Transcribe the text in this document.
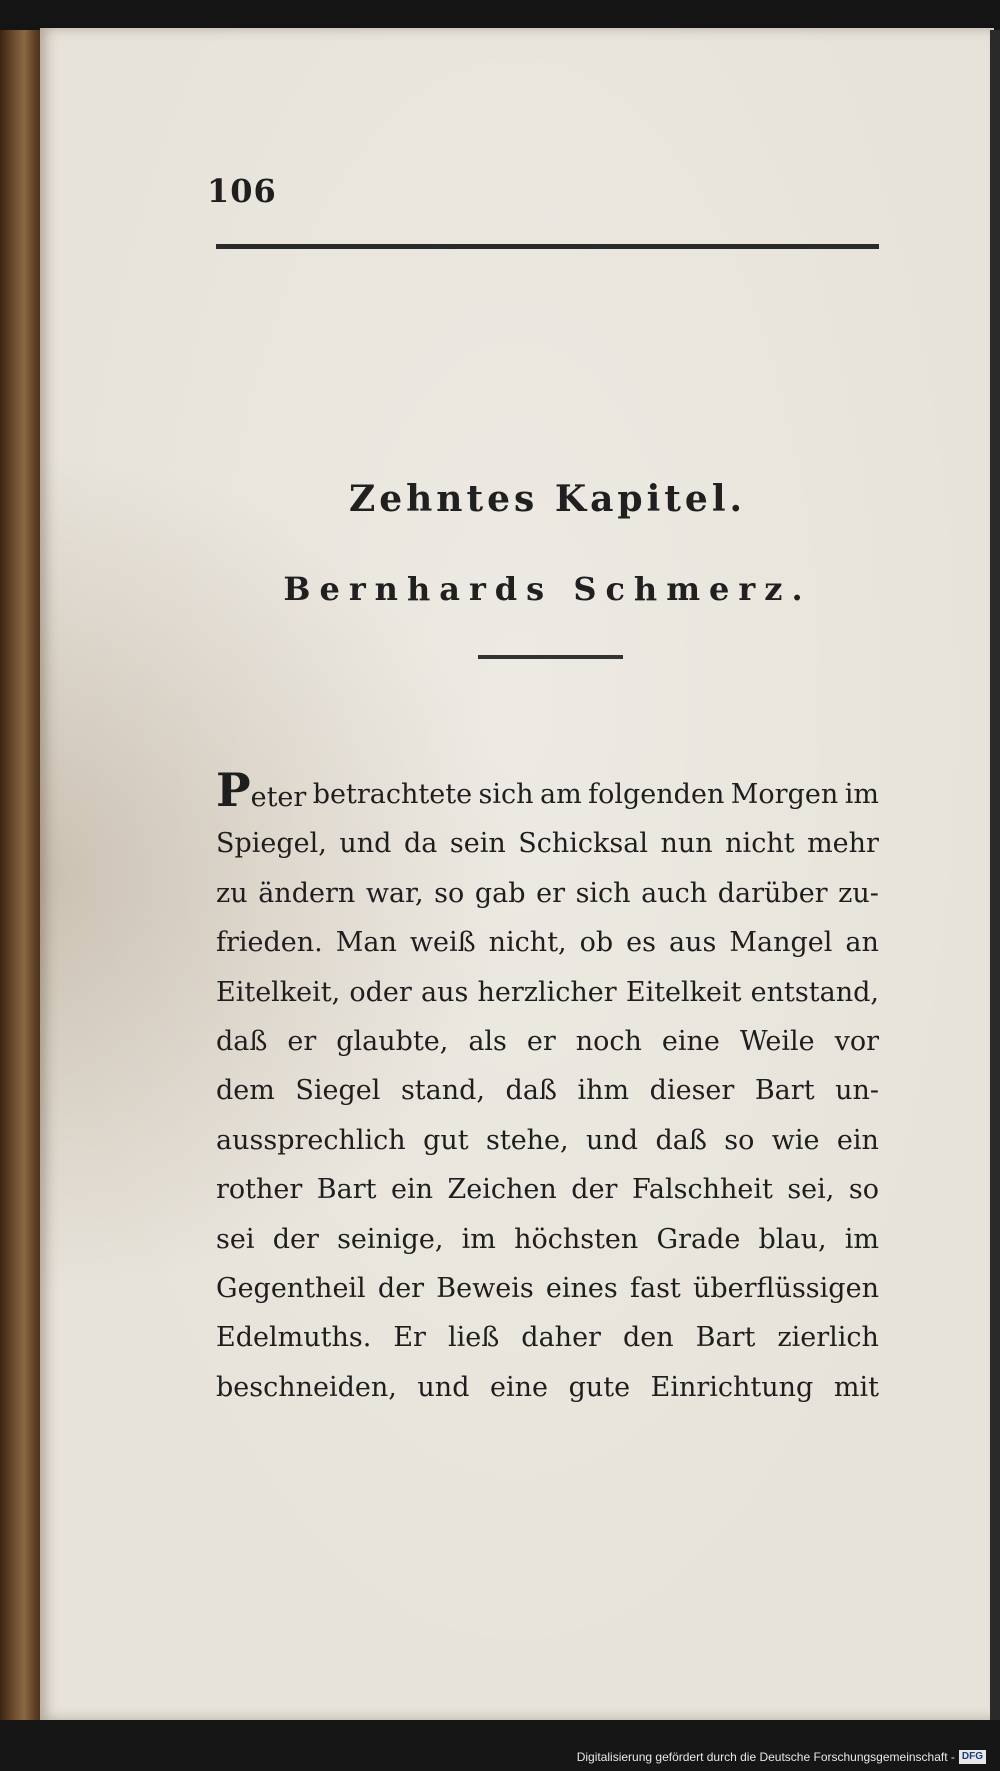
106
Zehntes Kapitel.
Bernhards Schmerz.
Peter betrachtete sich am folgenden Morgen im
Spiegel, und da sein Schicksal nun nicht mehr
zu ändern war, so gab er sich auch darüber zu-
frieden. Man weiß nicht, ob es aus Mangel an
Eitelkeit, oder aus herzlicher Eitelkeit entstand,
daß er glaubte, als er noch eine Weile vor
dem Siegel stand, daß ihm dieser Bart un-
aussprechlich gut stehe, und daß so wie ein
rother Bart ein Zeichen der Falschheit sei, so
sei der seinige, im höchsten Grade blau, im
Gegentheil der Beweis eines fast überflüssigen
Edelmuths. Er ließ daher den Bart zierlich
beschneiden, und eine gute Einrichtung mit
Digitalisierung gefördert durch die Deutsche Forschungsgemeinschaft - DFG
